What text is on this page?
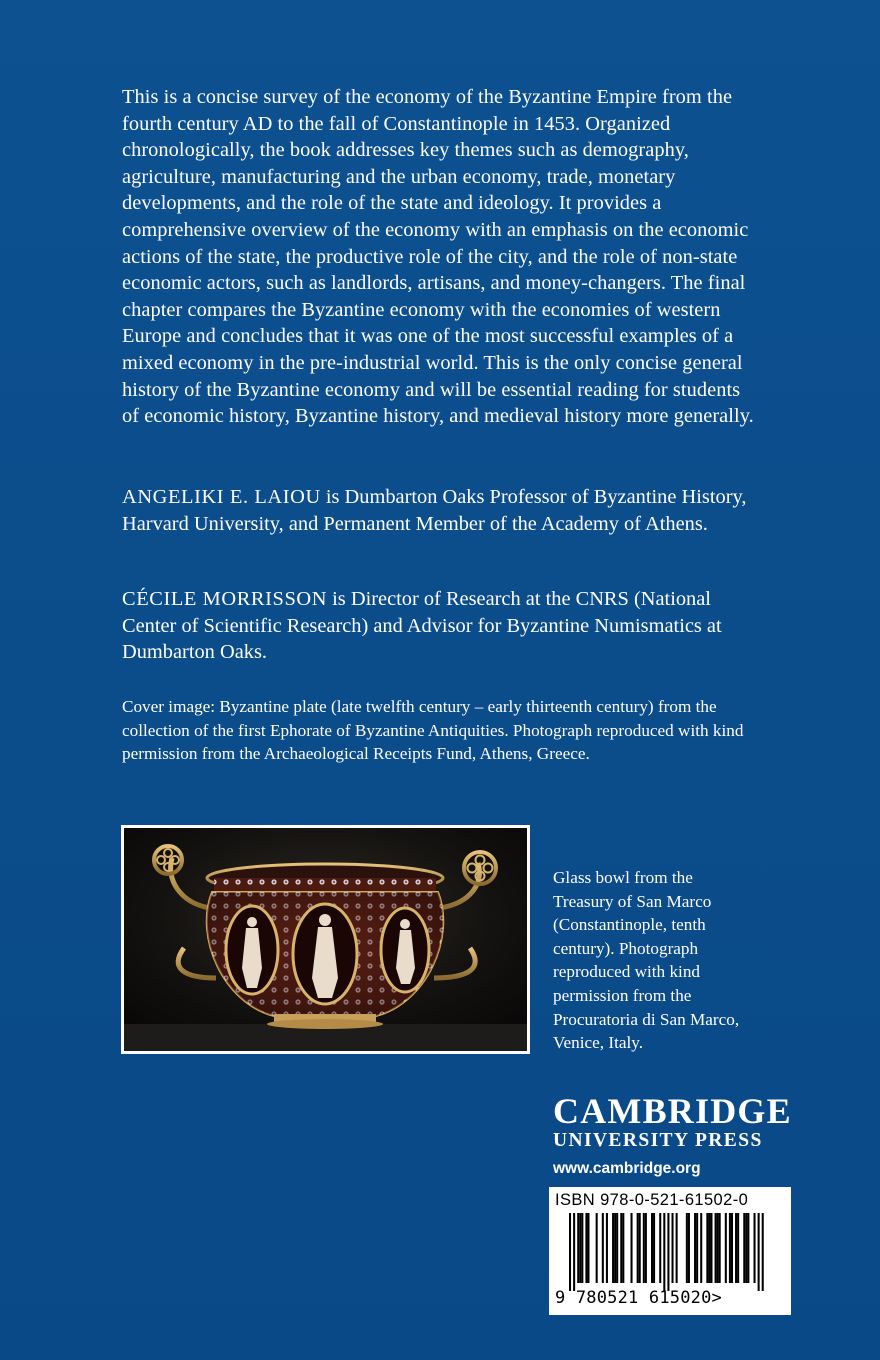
This is a concise survey of the economy of the Byzantine Empire from the fourth century AD to the fall of Constantinople in 1453. Organized chronologically, the book addresses key themes such as demography, agriculture, manufacturing and the urban economy, trade, monetary developments, and the role of the state and ideology. It provides a comprehensive overview of the economy with an emphasis on the economic actions of the state, the productive role of the city, and the role of non-state economic actors, such as landlords, artisans, and money-changers. The final chapter compares the Byzantine economy with the economies of western Europe and concludes that it was one of the most successful examples of a mixed economy in the pre-industrial world. This is the only concise general history of the Byzantine economy and will be essential reading for students of economic history, Byzantine history, and medieval history more generally.

ANGELIKI E. LAIOU is Dumbarton Oaks Professor of Byzantine History, Harvard University, and Permanent Member of the Academy of Athens.

CÉCILE MORRISSON is Director of Research at the CNRS (National Center of Scientific Research) and Advisor for Byzantine Numismatics at Dumbarton Oaks.

Cover image: Byzantine plate (late twelfth century – early thirteenth century) from the collection of the first Ephorate of Byzantine Antiquities. Photograph reproduced with kind permission from the Archaeological Receipts Fund, Athens, Greece.

Glass bowl from the Treasury of San Marco (Constantinople, tenth century). Photograph reproduced with kind permission from the Procuratoria di San Marco, Venice, Italy.

CAMBRIDGE
UNIVERSITY PRESS
www.cambridge.org
ISBN 978-0-521-61502-0
9 780521 615020>
